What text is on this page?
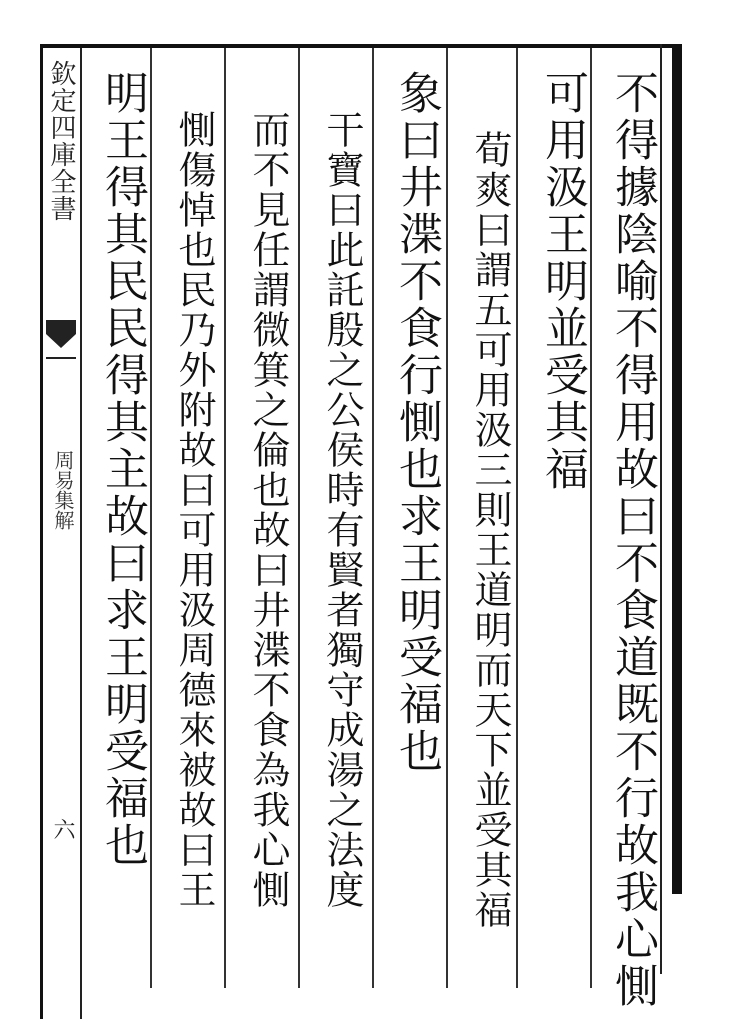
欽定四庫全書
周易集解
六	不得據陰喻不得用故曰不食道既不行故我心惻
可用汲王明並受其福
荀爽曰謂五可用汲三則王道明而天下並受其福
象曰井渫不食行惻也求王明受福也
干寶曰此託殷之公侯時有賢者獨守成湯之法度
而不見任謂微箕之倫也故曰井渫不食為我心惻
惻傷悼也民乃外附故曰可用汲周德來被故曰王
明王得其民民得其主故曰求王明受福也
